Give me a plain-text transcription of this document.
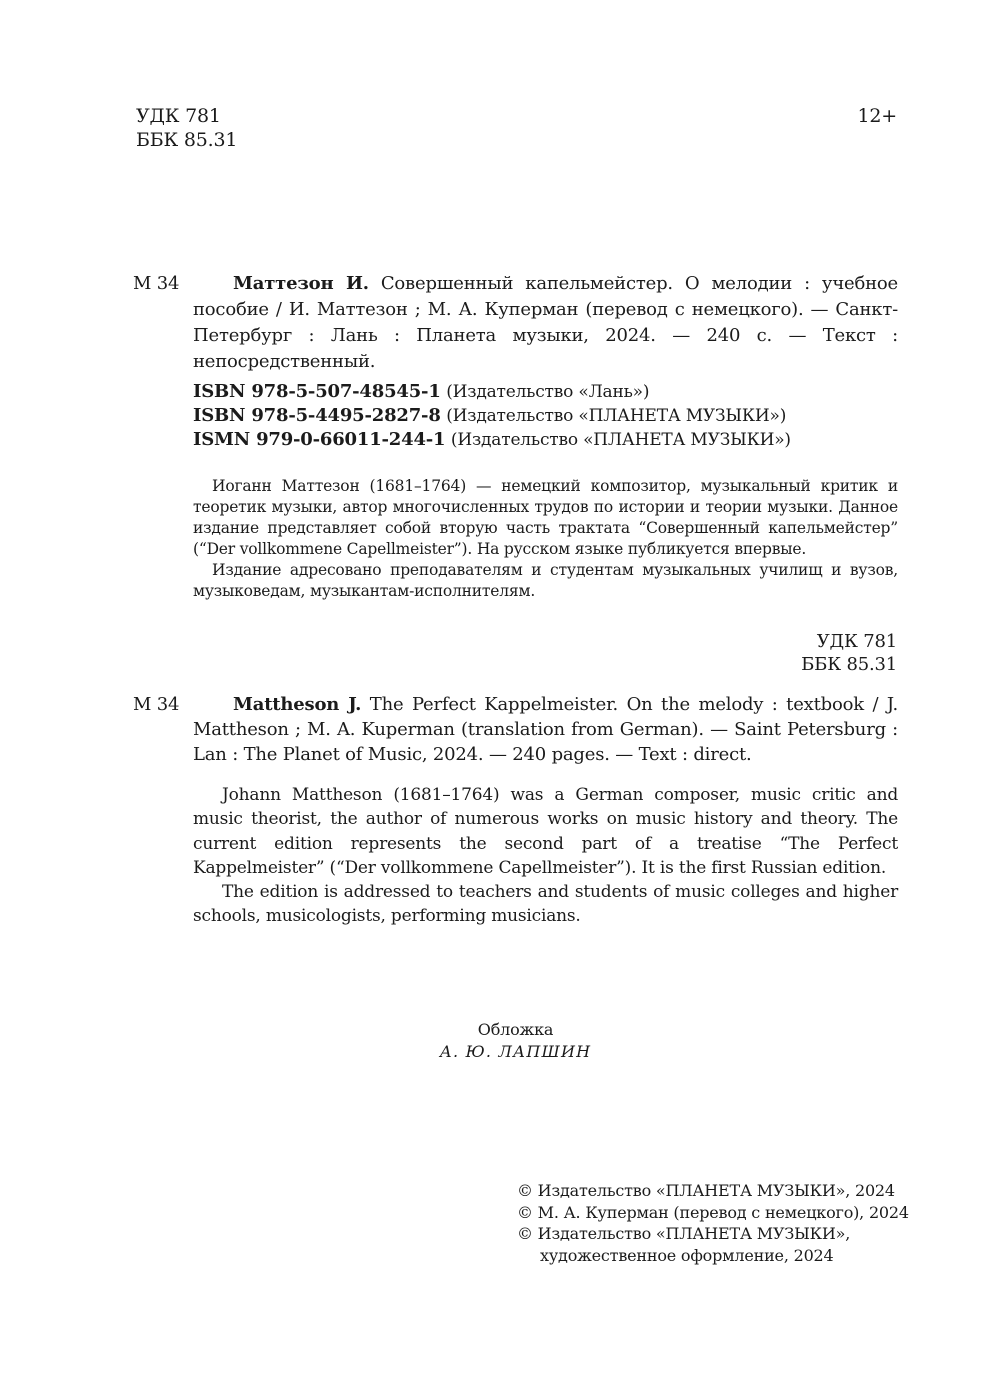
УДК 781
ББК 85.31
12+
М 34	Маттезон И. Совершенный капельмейстер. О мелодии : учебное пособие / И. Маттезон ; М. А. Куперман (перевод с немецкого). — Санкт-Петербург : Лань : Планета музыки, 2024. — 240 с. — Текст : непосредственный.

ISBN 978-5-507-48545-1 (Издательство «Лань»)
ISBN 978-5-4495-2827-8 (Издательство «ПЛАНЕТА МУЗЫКИ»)
ISMN 979-0-66011-244-1 (Издательство «ПЛАНЕТА МУЗЫКИ»)

Иоганн Маттезон (1681–1764) — немецкий композитор, музыкальный критик и теоретик музыки, автор многочисленных трудов по истории и теории музыки. Данное издание представляет собой вторую часть трактата “Совершенный капельмейстер” (“Der vollkommene Capellmeister”). На русском языке публикуется впервые.

Издание адресовано преподавателям и студентам музыкальных училищ и вузов, музыковедам, музыкантам-исполнителям.

УДК 781
ББК 85.31
M 34	Mattheson J. The Perfect Kappelmeister. On the melody : textbook / J. Mattheson ; M. A. Kuperman (translation from German). — Saint Petersburg : Lan : The Planet of Music, 2024. — 240 pages. — Text : direct.

Johann Mattheson (1681–1764) was a German composer, music critic and music theorist, the author of numerous works on music history and theory. The current edition represents the second part of a treatise “The Perfect Kappelmeister” (“Der vollkommene Capellmeister”). It is the first Russian edition.

The edition is addressed to teachers and students of music colleges and higher schools, musicologists, performing musicians.

Обложка
А. Ю. ЛАПШИН
© Издательство «ПЛАНЕТА МУЗЫКИ», 2024
© М. А. Куперман (перевод с немецкого), 2024
© Издательство «ПЛАНЕТА МУЗЫКИ», художественное оформление, 2024
